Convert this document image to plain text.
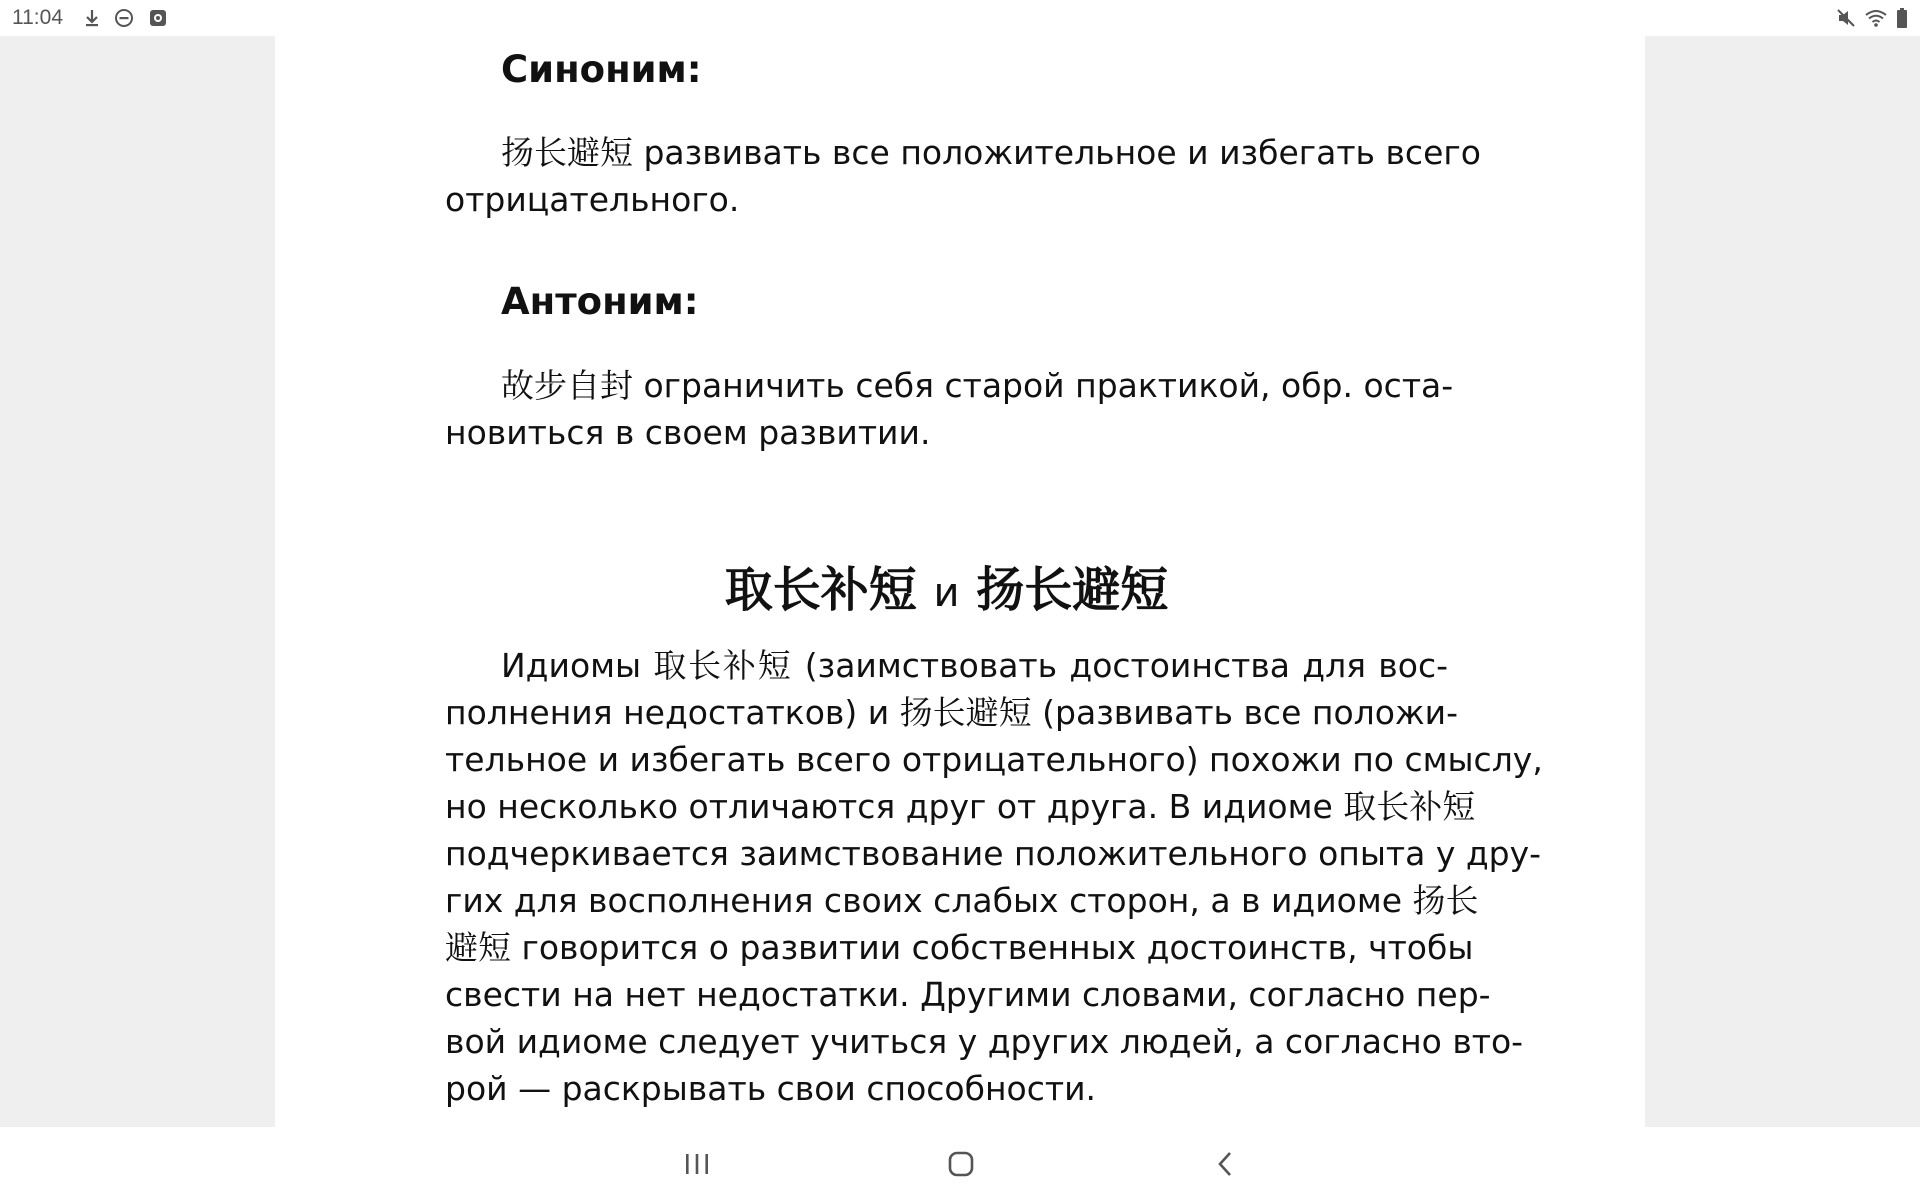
11:04
Синоним:
扬长避短 развивать все положительное и избегать всего
отрицательного.
Антоним:
故步自封 ограничить себя старой практикой, обр. оста-
новиться в своем развитии.
取长补短 и 扬长避短
Идиомы 取长补短 (заимствовать достоинства для вос-
полнения недостатков) и 扬长避短 (развивать все положи-
тельное и избегать всего отрицательного) похожи по смыслу,
но несколько отличаются друг от друга. В идиоме 取长补短
подчеркивается заимствование положительного опыта у дру-
гих для восполнения своих слабых сторон, а в идиоме 扬长
避短 говорится о развитии собственных достоинств, чтобы
свести на нет недостатки. Другими словами, согласно пер-
вой идиоме следует учиться у других людей, а согласно вто-
рой — раскрывать свои способности.
